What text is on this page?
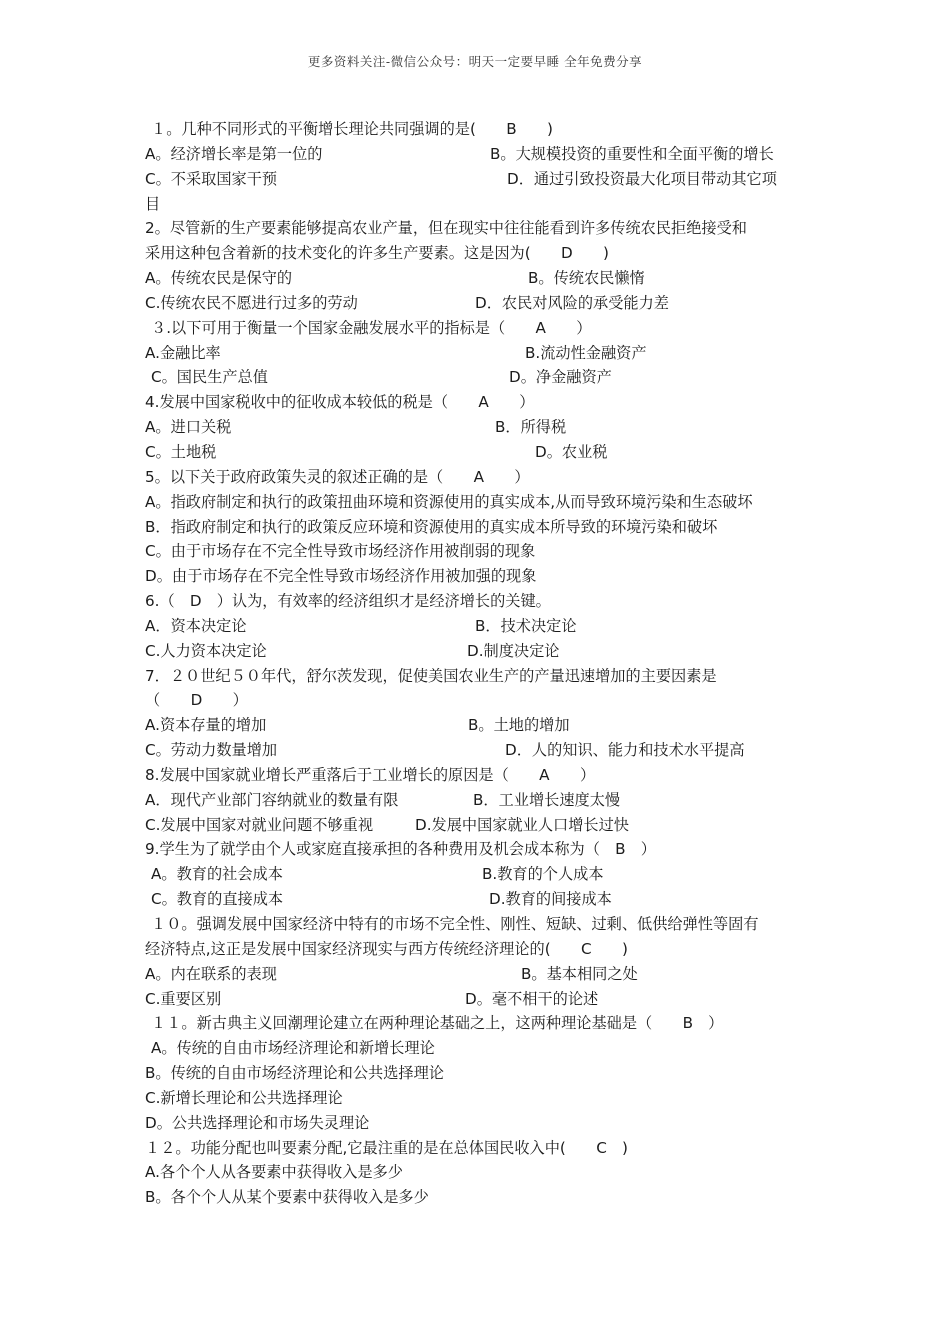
更多资料关注-微信公众号：明天一定要早睡 全年免费分享
１。几种不同形式的平衡增长理论共同强调的是(　　B　　)
A。经济增长率是第一位的	B。大规模投资的重要性和全面平衡的增长
C。不采取国家干预	D．通过引致投资最大化项目带动其它项
目
2。尽管新的生产要素能够提高农业产量，但在现实中往往能看到许多传统农民拒绝接受和
采用这种包含着新的技术变化的许多生产要素。这是因为(　　D　　)
A。传统农民是保守的	B。传统农民懒惰
C.传统农民不愿进行过多的劳动	D．农民对风险的承受能力差
３.以下可用于衡量一个国家金融发展水平的指标是（　　A　　）
A.金融比率	B.流动性金融资产
C。国民生产总值	D。净金融资产
4.发展中国家税收中的征收成本较低的税是（　　A　　）
A。进口关税	B．所得税
C。土地税	D。农业税
5。以下关于政府政策失灵的叙述正确的是（　　A　　）
A。指政府制定和执行的政策扭曲环境和资源使用的真实成本,从而导致环境污染和生态破坏
B．指政府制定和执行的政策反应环境和资源使用的真实成本所导致的环境污染和破坏
C。由于市场存在不完全性导致市场经济作用被削弱的现象
D。由于市场存在不完全性导致市场经济作用被加强的现象
6.（　D　）认为，有效率的经济组织才是经济增长的关键。
A．资本决定论	B．技术决定论
C.人力资本决定论	D.制度决定论
7．２０世纪５０年代，舒尔茨发现，促使美国农业生产的产量迅速增加的主要因素是
（　　D　　）
A.资本存量的增加	B。土地的增加
C。劳动力数量增加	D．人的知识、能力和技术水平提高
8.发展中国家就业增长严重落后于工业增长的原因是（　　A　　）
A．现代产业部门容纳就业的数量有限	B．工业增长速度太慢
C.发展中国家对就业问题不够重视	D.发展中国家就业人口增长过快
9.学生为了就学由个人或家庭直接承担的各种费用及机会成本称为（　B　）
A。教育的社会成本	B.教育的个人成本
C。教育的直接成本	D.教育的间接成本
１０。强调发展中国家经济中特有的市场不完全性、刚性、短缺、过剩、低供给弹性等固有
经济特点,这正是发展中国家经济现实与西方传统经济理论的(　　C　　)
A。内在联系的表现	B。基本相同之处
C.重要区别	D。毫不相干的论述
１１。新古典主义回潮理论建立在两种理论基础之上，这两种理论基础是（　　B　）
A。传统的自由市场经济理论和新增长理论
B。传统的自由市场经济理论和公共选择理论
C.新增长理论和公共选择理论
D。公共选择理论和市场失灵理论
１２。功能分配也叫要素分配,它最注重的是在总体国民收入中(　　C　)
A.各个个人从各要素中获得收入是多少
B。各个个人从某个要素中获得收入是多少
